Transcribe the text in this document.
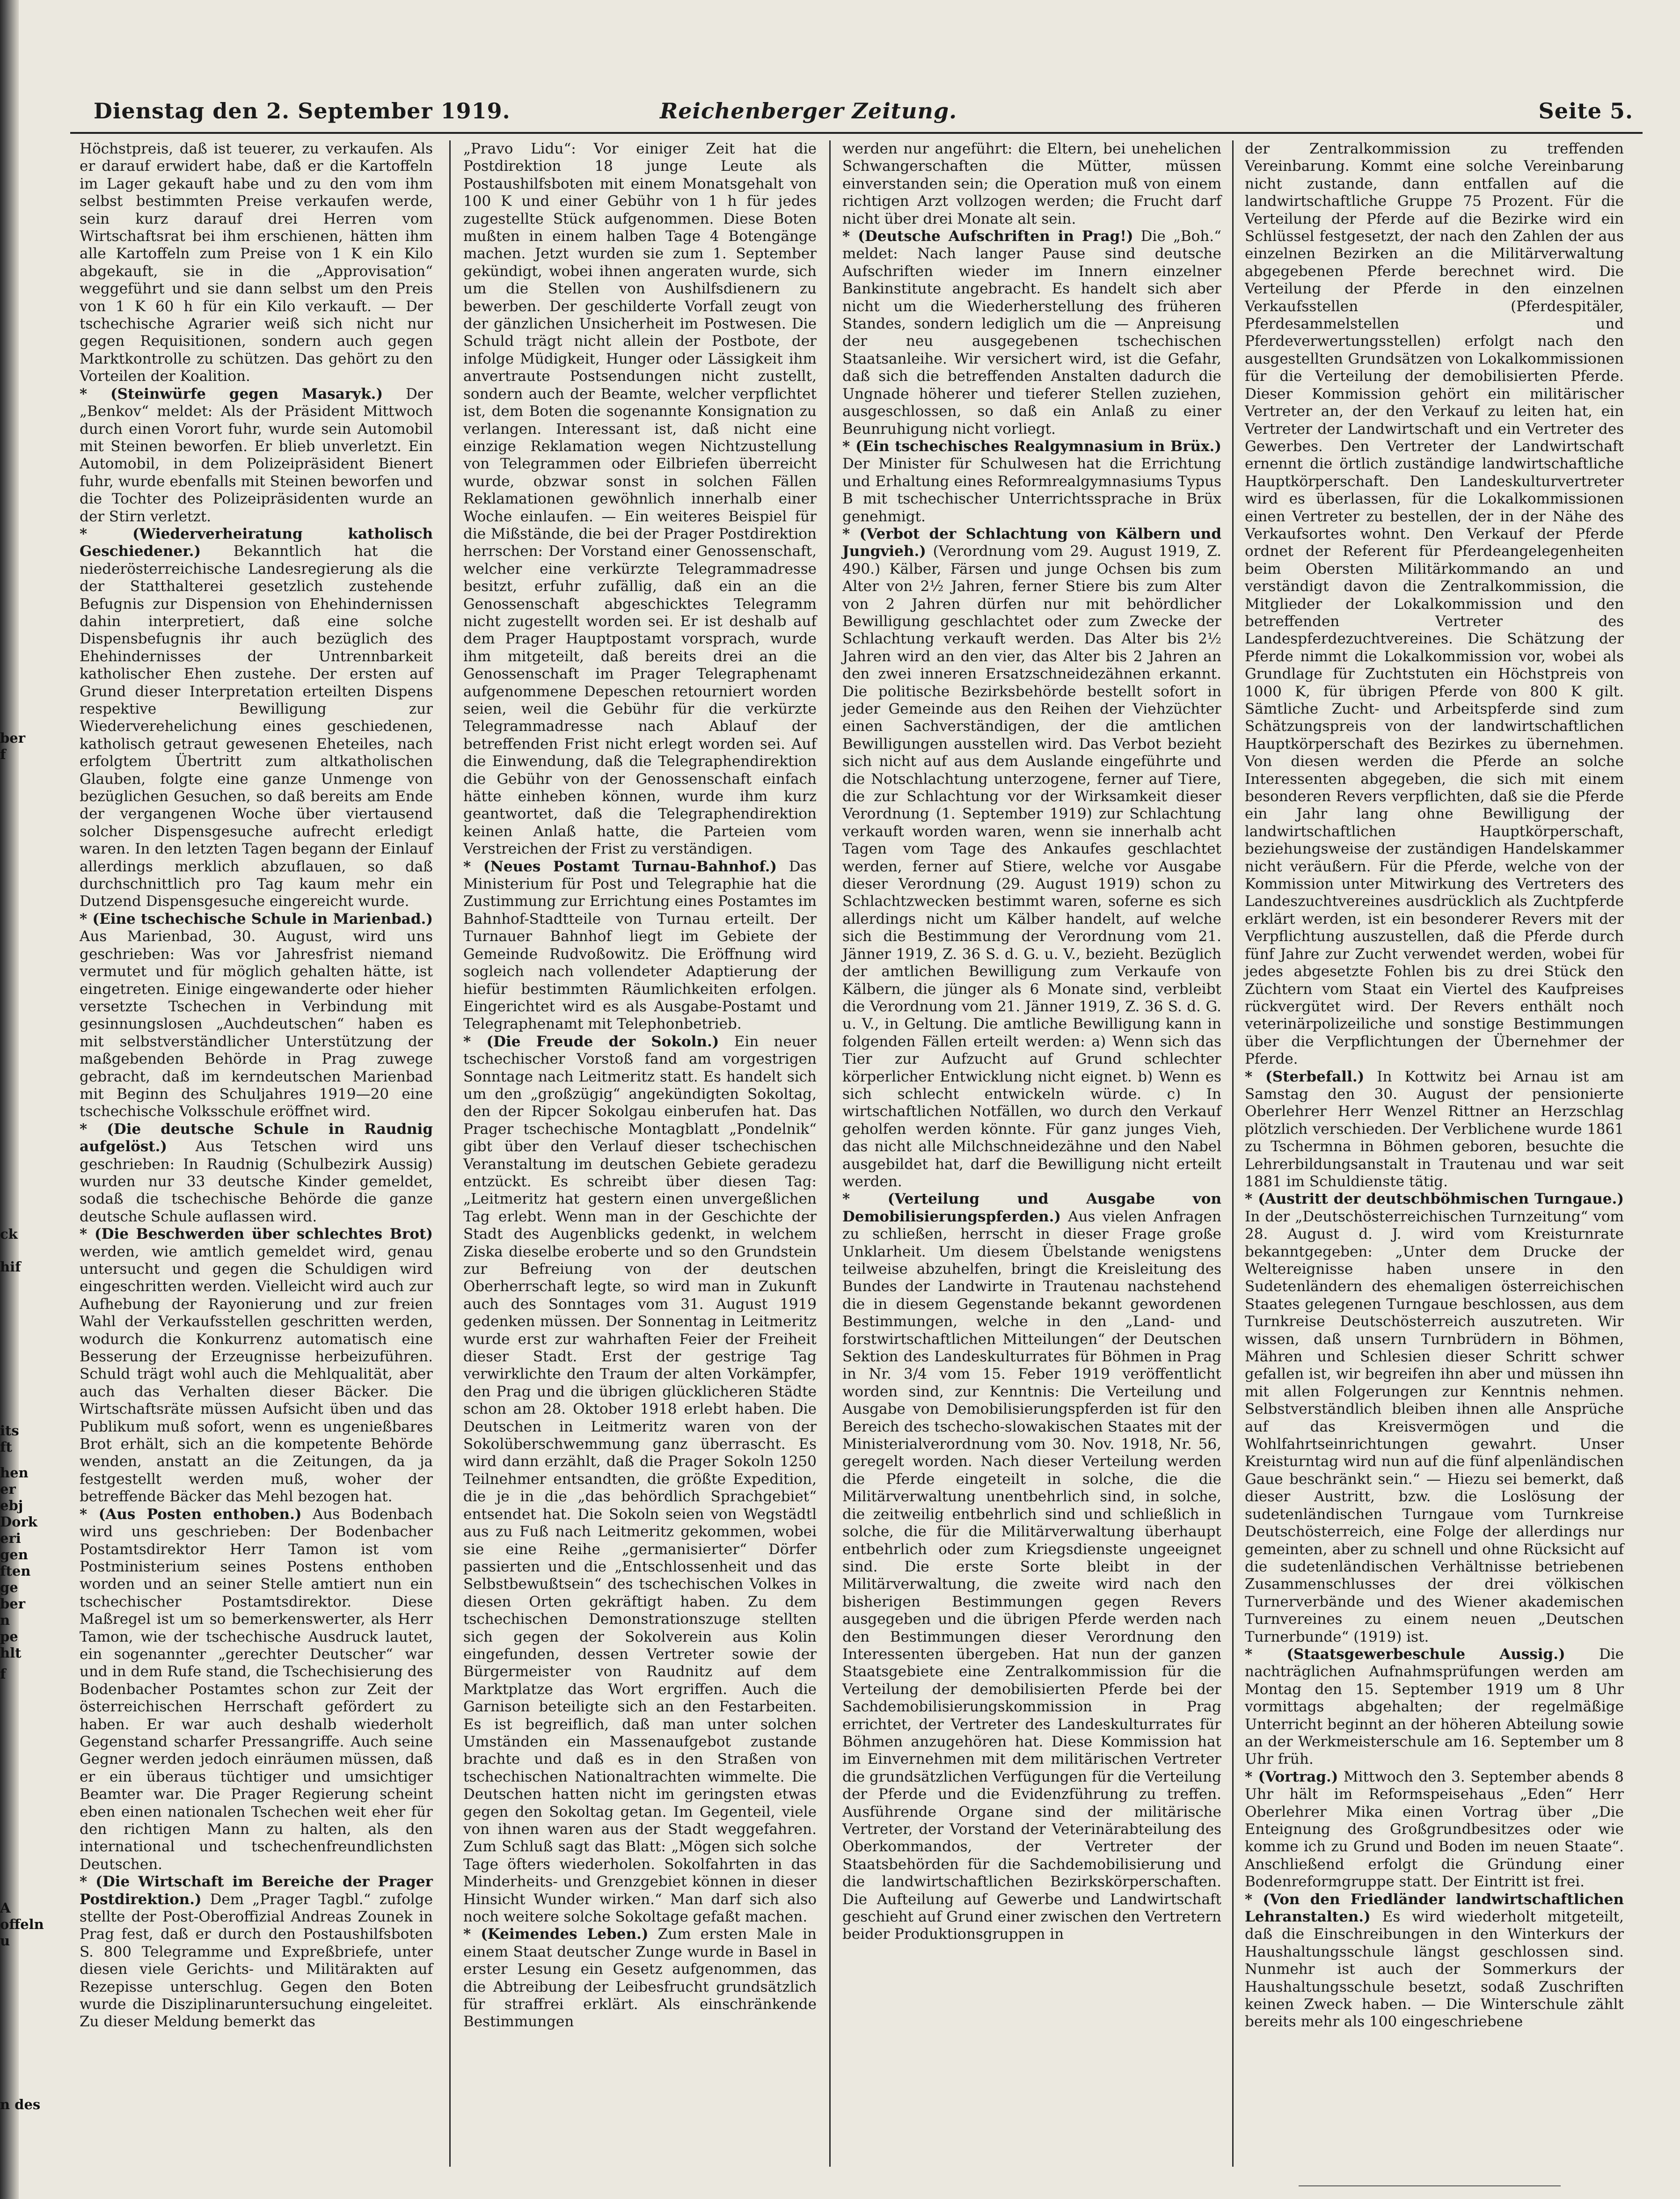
ber
f
ck
hif
its
ft
hen
er
ebj
Dork
eri
gen
ften
ge
ber
n
pe
hlt
f
A
offeln
u
n des
Dienstag den 2. September 1919.	Reichenberger Zeitung.	Seite 5.

Höchstpreis, daß ist teuerer, zu verkaufen. Als er darauf erwidert habe, daß er die Kartoffeln im Lager gekauft habe und zu den vom ihm selbst bestimmten Preise verkaufen werde, sein kurz darauf drei Herren vom Wirtschaftsrat bei ihm erschienen, hätten ihm alle Kartoffeln zum Preise von 1 K ein Kilo abgekauft, sie in die „Approvisation“ weggeführt und sie dann selbst um den Preis von 1 K 60 h für ein Kilo verkauft. — Der tschechische Agrarier weiß sich nicht nur gegen Requisitionen, sondern auch gegen Marktkontrolle zu schützen. Das gehört zu den Vorteilen der Koalition.

* (Steinwürfe gegen Masaryk.) Der „Benkov“ meldet: Als der Präsident Mittwoch durch einen Vorort fuhr, wurde sein Automobil mit Steinen beworfen. Er blieb unverletzt. Ein Automobil, in dem Polizeipräsident Bienert fuhr, wurde ebenfalls mit Steinen beworfen und die Tochter des Polizeipräsidenten wurde an der Stirn verletzt.

* (Wiederverheiratung katholisch Geschiedener.) Bekanntlich hat die niederösterreichische Landesregierung als die der Statthalterei gesetzlich zustehende Befugnis zur Dispension von Ehehindernissen dahin interpretiert, daß eine solche Dispensbefugnis ihr auch bezüglich des Ehehindernisses der Untrennbarkeit katholischer Ehen zustehe. Der ersten auf Grund dieser Interpretation erteilten Dispens respektive Bewilligung zur Wiederverehelichung eines geschiedenen, katholisch getraut gewesenen Eheteiles, nach erfolgtem Übertritt zum altkatholischen Glauben, folgte eine ganze Unmenge von bezüglichen Gesuchen, so daß bereits am Ende der vergangenen Woche über viertausend solcher Dispensgesuche aufrecht erledigt waren. In den letzten Tagen begann der Einlauf allerdings merklich abzuflauen, so daß durchschnittlich pro Tag kaum mehr ein Dutzend Dispensgesuche eingereicht wurde.

* (Eine tschechische Schule in Marienbad.) Aus Marienbad, 30. August, wird uns geschrieben: Was vor Jahresfrist niemand vermutet und für möglich gehalten hätte, ist eingetreten. Einige eingewanderte oder hieher versetzte Tschechen in Verbindung mit gesinnungslosen „Auchdeutschen“ haben es mit selbstverständlicher Unterstützung der maßgebenden Behörde in Prag zuwege gebracht, daß im kerndeutschen Marienbad mit Beginn des Schuljahres 1919—20 eine tschechische Volksschule eröffnet wird.

* (Die deutsche Schule in Raudnig aufgelöst.) Aus Tetschen wird uns geschrieben: In Raudnig (Schulbezirk Aussig) wurden nur 33 deutsche Kinder gemeldet, sodaß die tschechische Behörde die ganze deutsche Schule auflassen wird.

* (Die Beschwerden über schlechtes Brot) werden, wie amtlich gemeldet wird, genau untersucht und gegen die Schuldigen wird eingeschritten werden. Vielleicht wird auch zur Aufhebung der Rayonierung und zur freien Wahl der Verkaufsstellen geschritten werden, wodurch die Konkurrenz automatisch eine Besserung der Erzeugnisse herbeizuführen. Schuld trägt wohl auch die Mehlqualität, aber auch das Verhalten dieser Bäcker. Die Wirtschaftsräte müssen Aufsicht üben und das Publikum muß sofort, wenn es ungenießbares Brot erhält, sich an die kompetente Behörde wenden, anstatt an die Zeitungen, da ja festgestellt werden muß, woher der betreffende Bäcker das Mehl bezogen hat.

* (Aus Posten enthoben.) Aus Bodenbach wird uns geschrieben: Der Bodenbacher Postamtsdirektor Herr Tamon ist vom Postministerium seines Postens enthoben worden und an seiner Stelle amtiert nun ein tschechischer Postamtsdirektor. Diese Maßregel ist um so bemerkenswerter, als Herr Tamon, wie der tschechische Ausdruck lautet, ein sogenannter „gerechter Deutscher“ war und in dem Rufe stand, die Tschechisierung des Bodenbacher Postamtes schon zur Zeit der österreichischen Herrschaft gefördert zu haben. Er war auch deshalb wiederholt Gegenstand scharfer Pressangriffe. Auch seine Gegner werden jedoch einräumen müssen, daß er ein überaus tüchtiger und umsichtiger Beamter war. Die Prager Regierung scheint eben einen nationalen Tschechen weit eher für den richtigen Mann zu halten, als den international und tschechenfreundlichsten Deutschen.

* (Die Wirtschaft im Bereiche der Prager Postdirektion.) Dem „Prager Tagbl.“ zufolge stellte der Post-Oberoffizial Andreas Zounek in Prag fest, daß er durch den Postaushilfsboten S. 800 Telegramme und Expreßbriefe, unter diesen viele Gerichts- und Militärakten auf Rezepisse unterschlug. Gegen den Boten wurde die Disziplinaruntersuchung eingeleitet. Zu dieser Meldung bemerkt das

„Pravo Lidu“: Vor einiger Zeit hat die Postdirektion 18 junge Leute als Postaushilfsboten mit einem Monatsgehalt von 100 K und einer Gebühr von 1 h für jedes zugestellte Stück aufgenommen. Diese Boten mußten in einem halben Tage 4 Botengänge machen. Jetzt wurden sie zum 1. September gekündigt, wobei ihnen angeraten wurde, sich um die Stellen von Aushilfsdienern zu bewerben. Der geschilderte Vorfall zeugt von der gänzlichen Unsicherheit im Postwesen. Die Schuld trägt nicht allein der Postbote, der infolge Müdigkeit, Hunger oder Lässigkeit ihm anvertraute Postsendungen nicht zustellt, sondern auch der Beamte, welcher verpflichtet ist, dem Boten die sogenannte Konsignation zu verlangen. Interessant ist, daß nicht eine einzige Reklamation wegen Nichtzustellung von Telegrammen oder Eilbriefen überreicht wurde, obzwar sonst in solchen Fällen Reklamationen gewöhnlich innerhalb einer Woche einlaufen. — Ein weiteres Beispiel für die Mißstände, die bei der Prager Postdirektion herrschen: Der Vorstand einer Genossenschaft, welcher eine verkürzte Telegrammadresse besitzt, erfuhr zufällig, daß ein an die Genossenschaft abgeschicktes Telegramm nicht zugestellt worden sei. Er ist deshalb auf dem Prager Hauptpostamt vorsprach, wurde ihm mitgeteilt, daß bereits drei an die Genossenschaft im Prager Telegraphenamt aufgenommene Depeschen retourniert worden seien, weil die Gebühr für die verkürzte Telegrammadresse nach Ablauf der betreffenden Frist nicht erlegt worden sei. Auf die Einwendung, daß die Telegraphendirektion die Gebühr von der Genossenschaft einfach hätte einheben können, wurde ihm kurz geantwortet, daß die Telegraphendirektion keinen Anlaß hatte, die Parteien vom Verstreichen der Frist zu verständigen.

* (Neues Postamt Turnau-Bahnhof.) Das Ministerium für Post und Telegraphie hat die Zustimmung zur Errichtung eines Postamtes im Bahnhof-Stadtteile von Turnau erteilt. Der Turnauer Bahnhof liegt im Gebiete der Gemeinde Rudvoßowitz. Die Eröffnung wird sogleich nach vollendeter Adaptierung der hiefür bestimmten Räumlichkeiten erfolgen. Eingerichtet wird es als Ausgabe-Postamt und Telegraphenamt mit Telephonbetrieb.

* (Die Freude der Sokoln.) Ein neuer tschechischer Vorstoß fand am vorgestrigen Sonntage nach Leitmeritz statt. Es handelt sich um den „großzügig“ angekündigten Sokoltag, den der Ripcer Sokolgau einberufen hat. Das Prager tschechische Montagblatt „Pondelnik“ gibt über den Verlauf dieser tschechischen Veranstaltung im deutschen Gebiete geradezu entzückt. Es schreibt über diesen Tag: „Leitmeritz hat gestern einen unvergeßlichen Tag erlebt. Wenn man in der Geschichte der Stadt des Augenblicks gedenkt, in welchem Ziska dieselbe eroberte und so den Grundstein zur Befreiung von der deutschen Oberherrschaft legte, so wird man in Zukunft auch des Sonntages vom 31. August 1919 gedenken müssen. Der Sonnentag in Leitmeritz wurde erst zur wahrhaften Feier der Freiheit dieser Stadt. Erst der gestrige Tag verwirklichte den Traum der alten Vorkämpfer, den Prag und die übrigen glücklicheren Städte schon am 28. Oktober 1918 erlebt haben. Die Deutschen in Leitmeritz waren von der Sokolüberschwemmung ganz überrascht. Es wird dann erzählt, daß die Prager Sokoln 1250 Teilnehmer entsandten, die größte Expedition, die je in die „das behördlich Sprachgebiet“ entsendet hat. Die Sokoln seien von Wegstädtl aus zu Fuß nach Leitmeritz gekommen, wobei sie eine Reihe „germanisierter“ Dörfer passierten und die „Entschlossenheit und das Selbstbewußtsein“ des tschechischen Volkes in diesen Orten gekräftigt haben. Zu dem tschechischen Demonstrationszuge stellten sich gegen der Sokolverein aus Kolin eingefunden, dessen Vertreter sowie der Bürgermeister von Raudnitz auf dem Marktplatze das Wort ergriffen. Auch die Garnison beteiligte sich an den Festarbeiten. Es ist begreiflich, daß man unter solchen Umständen ein Massenaufgebot zustande brachte und daß es in den Straßen von tschechischen Nationaltrachten wimmelte. Die Deutschen hatten nicht im geringsten etwas gegen den Sokoltag getan. Im Gegenteil, viele von ihnen waren aus der Stadt weggefahren. Zum Schluß sagt das Blatt: „Mögen sich solche Tage öfters wiederholen. Sokolfahrten in das Minderheits- und Grenzgebiet können in dieser Hinsicht Wunder wirken.“ Man darf sich also noch weitere solche Sokoltage gefaßt machen.

* (Keimendes Leben.) Zum ersten Male in einem Staat deutscher Zunge wurde in Basel in erster Lesung ein Gesetz aufgenommen, das die Abtreibung der Leibesfrucht grundsätzlich für straffrei erklärt. Als einschränkende Bestimmungen

werden nur angeführt: die Eltern, bei unehelichen Schwangerschaften die Mütter, müssen einverstanden sein; die Operation muß von einem richtigen Arzt vollzogen werden; die Frucht darf nicht über drei Monate alt sein.

* (Deutsche Aufschriften in Prag!) Die „Boh.“ meldet: Nach langer Pause sind deutsche Aufschriften wieder im Innern einzelner Bankinstitute angebracht. Es handelt sich aber nicht um die Wiederherstellung des früheren Standes, sondern lediglich um die — Anpreisung der neu ausgegebenen tschechischen Staatsanleihe. Wir versichert wird, ist die Gefahr, daß sich die betreffenden Anstalten dadurch die Ungnade höherer und tieferer Stellen zuziehen, ausgeschlossen, so daß ein Anlaß zu einer Beunruhigung nicht vorliegt.

* (Ein tschechisches Realgymnasium in Brüx.) Der Minister für Schulwesen hat die Errichtung und Erhaltung eines Reformrealgymnasiums Typus B mit tschechischer Unterrichtssprache in Brüx genehmigt.

* (Verbot der Schlachtung von Kälbern und Jungvieh.) (Verordnung vom 29. August 1919, Z. 490.) Kälber, Färsen und junge Ochsen bis zum Alter von 2½ Jahren, ferner Stiere bis zum Alter von 2 Jahren dürfen nur mit behördlicher Bewilligung geschlachtet oder zum Zwecke der Schlachtung verkauft werden. Das Alter bis 2½ Jahren wird an den vier, das Alter bis 2 Jahren an den zwei inneren Ersatzschneidezähnen erkannt. Die politische Bezirksbehörde bestellt sofort in jeder Gemeinde aus den Reihen der Viehzüchter einen Sachverständigen, der die amtlichen Bewilligungen ausstellen wird. Das Verbot bezieht sich nicht auf aus dem Auslande eingeführte und die Notschlachtung unterzogene, ferner auf Tiere, die zur Schlachtung vor der Wirksamkeit dieser Verordnung (1. September 1919) zur Schlachtung verkauft worden waren, wenn sie innerhalb acht Tagen vom Tage des Ankaufes geschlachtet werden, ferner auf Stiere, welche vor Ausgabe dieser Verordnung (29. August 1919) schon zu Schlachtzwecken bestimmt waren, soferne es sich allerdings nicht um Kälber handelt, auf welche sich die Bestimmung der Verordnung vom 21. Jänner 1919, Z. 36 S. d. G. u. V., bezieht. Bezüglich der amtlichen Bewilligung zum Verkaufe von Kälbern, die jünger als 6 Monate sind, verbleibt die Verordnung vom 21. Jänner 1919, Z. 36 S. d. G. u. V., in Geltung. Die amtliche Bewilligung kann in folgenden Fällen erteilt werden: a) Wenn sich das Tier zur Aufzucht auf Grund schlechter körperlicher Entwicklung nicht eignet. b) Wenn es sich schlecht entwickeln würde. c) In wirtschaftlichen Notfällen, wo durch den Verkauf geholfen werden könnte. Für ganz junges Vieh, das nicht alle Milchschneidezähne und den Nabel ausgebildet hat, darf die Bewilligung nicht erteilt werden.

* (Verteilung und Ausgabe von Demobilisierungspferden.) Aus vielen Anfragen zu schließen, herrscht in dieser Frage große Unklarheit. Um diesem Übelstande wenigstens teilweise abzuhelfen, bringt die Kreisleitung des Bundes der Landwirte in Trautenau nachstehend die in diesem Gegenstande bekannt gewordenen Bestimmungen, welche in den „Land- und forstwirtschaftlichen Mitteilungen“ der Deutschen Sektion des Landeskulturrates für Böhmen in Prag in Nr. 3/4 vom 15. Feber 1919 veröffentlicht worden sind, zur Kenntnis: Die Verteilung und Ausgabe von Demobilisierungspferden ist für den Bereich des tschecho-slowakischen Staates mit der Ministerialverordnung vom 30. Nov. 1918, Nr. 56, geregelt worden. Nach dieser Verteilung werden die Pferde eingeteilt in solche, die die Militärverwaltung unentbehrlich sind, in solche, die zeitweilig entbehrlich sind und schließlich in solche, die für die Militärverwaltung überhaupt entbehrlich oder zum Kriegsdienste ungeeignet sind. Die erste Sorte bleibt in der Militärverwaltung, die zweite wird nach den bisherigen Bestimmungen gegen Revers ausgegeben und die übrigen Pferde werden nach den Bestimmungen dieser Verordnung den Interessenten übergeben. Hat nun der ganzen Staatsgebiete eine Zentralkommission für die Verteilung der demobilisierten Pferde bei der Sachdemobilisierungskommission in Prag errichtet, der Vertreter des Landeskulturrates für Böhmen anzugehören hat. Diese Kommission hat im Einvernehmen mit dem militärischen Vertreter die grundsätzlichen Verfügungen für die Verteilung der Pferde und die Evidenzführung zu treffen. Ausführende Organe sind der militärische Vertreter, der Vorstand der Veterinärabteilung des Oberkommandos, der Vertreter der Staatsbehörden für die Sachdemobilisierung und die landwirtschaftlichen Bezirkskörperschaften. Die Aufteilung auf Gewerbe und Landwirtschaft geschieht auf Grund einer zwischen den Vertretern beider Produktionsgruppen in

der Zentralkommission zu treffenden Vereinbarung. Kommt eine solche Vereinbarung nicht zustande, dann entfallen auf die landwirtschaftliche Gruppe 75 Prozent. Für die Verteilung der Pferde auf die Bezirke wird ein Schlüssel festgesetzt, der nach den Zahlen der aus einzelnen Bezirken an die Militärverwaltung abgegebenen Pferde berechnet wird. Die Verteilung der Pferde in den einzelnen Verkaufsstellen (Pferdespitäler, Pferdesammelstellen und Pferdeverwertungsstellen) erfolgt nach den ausgestellten Grundsätzen von Lokalkommissionen für die Verteilung der demobilisierten Pferde. Dieser Kommission gehört ein militärischer Vertreter an, der den Verkauf zu leiten hat, ein Vertreter der Landwirtschaft und ein Vertreter des Gewerbes. Den Vertreter der Landwirtschaft ernennt die örtlich zuständige landwirtschaftliche Hauptkörperschaft. Den Landeskulturvertreter wird es überlassen, für die Lokalkommissionen einen Vertreter zu bestellen, der in der Nähe des Verkaufsortes wohnt. Den Verkauf der Pferde ordnet der Referent für Pferdeangelegenheiten beim Obersten Militärkommando an und verständigt davon die Zentralkommission, die Mitglieder der Lokalkommission und den betreffenden Vertreter des Landespferdezuchtvereines. Die Schätzung der Pferde nimmt die Lokalkommission vor, wobei als Grundlage für Zuchtstuten ein Höchstpreis von 1000 K, für übrigen Pferde von 800 K gilt. Sämtliche Zucht- und Arbeitspferde sind zum Schätzungspreis von der landwirtschaftlichen Hauptkörperschaft des Bezirkes zu übernehmen. Von diesen werden die Pferde an solche Interessenten abgegeben, die sich mit einem besonderen Revers verpflichten, daß sie die Pferde ein Jahr lang ohne Bewilligung der landwirtschaftlichen Hauptkörperschaft, beziehungsweise der zuständigen Handelskammer nicht veräußern. Für die Pferde, welche von der Kommission unter Mitwirkung des Vertreters des Landeszuchtvereines ausdrücklich als Zuchtpferde erklärt werden, ist ein besonderer Revers mit der Verpflichtung auszustellen, daß die Pferde durch fünf Jahre zur Zucht verwendet werden, wobei für jedes abgesetzte Fohlen bis zu drei Stück den Züchtern vom Staat ein Viertel des Kaufpreises rückvergütet wird. Der Revers enthält noch veterinärpolizeiliche und sonstige Bestimmungen über die Verpflichtungen der Übernehmer der Pferde.

* (Sterbefall.) In Kottwitz bei Arnau ist am Samstag den 30. August der pensionierte Oberlehrer Herr Wenzel Rittner an Herzschlag plötzlich verschieden. Der Verblichene wurde 1861 zu Tschermna in Böhmen geboren, besuchte die Lehrerbildungsanstalt in Trautenau und war seit 1881 im Schuldienste tätig.

* (Austritt der deutschböhmischen Turngaue.) In der „Deutschösterreichischen Turnzeitung“ vom 28. August d. J. wird vom Kreisturnrate bekanntgegeben: „Unter dem Drucke der Weltereignisse haben unsere in den Sudetenländern des ehemaligen österreichischen Staates gelegenen Turngaue beschlossen, aus dem Turnkreise Deutschösterreich auszutreten. Wir wissen, daß unsern Turnbrüdern in Böhmen, Mähren und Schlesien dieser Schritt schwer gefallen ist, wir begreifen ihn aber und müssen ihn mit allen Folgerungen zur Kenntnis nehmen. Selbstverständlich bleiben ihnen alle Ansprüche auf das Kreisvermögen und die Wohlfahrtseinrichtungen gewahrt. Unser Kreisturntag wird nun auf die fünf alpenländischen Gaue beschränkt sein.“ — Hiezu sei bemerkt, daß dieser Austritt, bzw. die Loslösung der sudetenländischen Turngaue vom Turnkreise Deutschösterreich, eine Folge der allerdings nur gemeinten, aber zu schnell und ohne Rücksicht auf die sudetenländischen Verhältnisse betriebenen Zusammenschlusses der drei völkischen Turnerverbände und des Wiener akademischen Turnvereines zu einem neuen „Deutschen Turnerbunde“ (1919) ist.

* (Staatsgewerbeschule Aussig.) Die nachträglichen Aufnahmsprüfungen werden am Montag den 15. September 1919 um 8 Uhr vormittags abgehalten; der regelmäßige Unterricht beginnt an der höheren Abteilung sowie an der Werkmeisterschule am 16. September um 8 Uhr früh.

* (Vortrag.) Mittwoch den 3. September abends 8 Uhr hält im Reformspeisehaus „Eden“ Herr Oberlehrer Mika einen Vortrag über „Die Enteignung des Großgrundbesitzes oder wie komme ich zu Grund und Boden im neuen Staate“. Anschließend erfolgt die Gründung einer Bodenreformgruppe statt. Der Eintritt ist frei.

* (Von den Friedländer landwirtschaftlichen Lehranstalten.) Es wird wiederholt mitgeteilt, daß die Einschreibungen in den Winterkurs der Haushaltungsschule längst geschlossen sind. Nunmehr ist auch der Sommerkurs der Haushaltungsschule besetzt, sodaß Zuschriften keinen Zweck haben. — Die Winterschule zählt bereits mehr als 100 eingeschriebene
